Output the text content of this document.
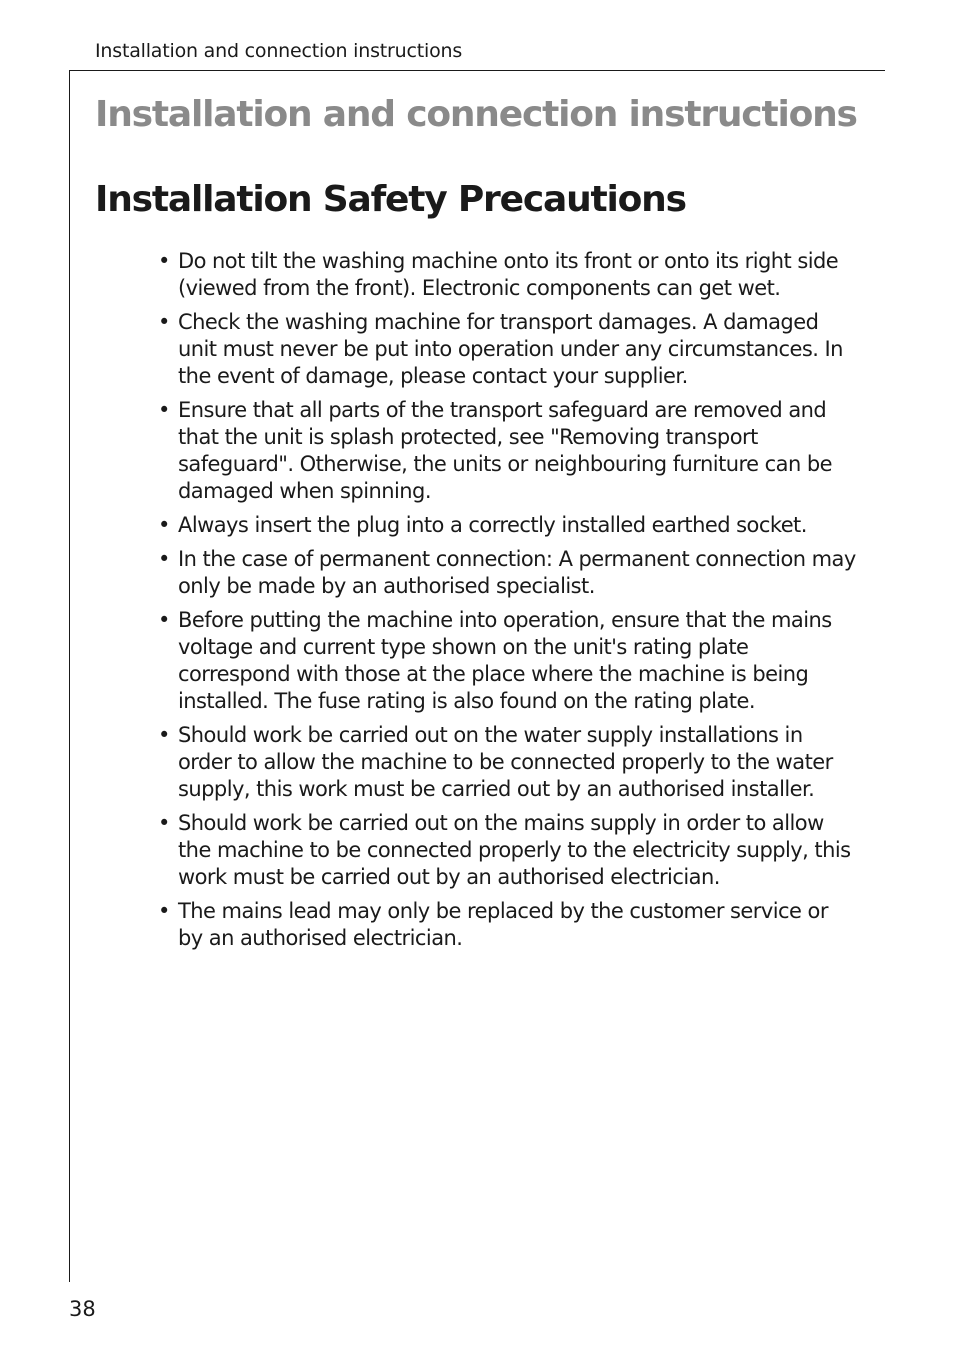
Installation and connection instructions
Installation and connection instructions
Installation Safety Precautions
• Do not tilt the washing machine onto its front or onto its right side (viewed from the front). Electronic components can get wet.
• Check the washing machine for transport damages. A damaged unit must never be put into operation under any circumstances. In the event of damage, please contact your supplier.
• Ensure that all parts of the transport safeguard are removed and that the unit is splash protected, see "Removing transport safeguard". Otherwise, the units or neighbouring furniture can be damaged when spinning.
• Always insert the plug into a correctly installed earthed socket.
• In the case of permanent connection: A permanent connection may only be made by an authorised specialist.
• Before putting the machine into operation, ensure that the mains voltage and current type shown on the unit's rating plate correspond with those at the place where the machine is being installed. The fuse rating is also found on the rating plate.
• Should work be carried out on the water supply installations in order to allow the machine to be connected properly to the water supply, this work must be carried out by an authorised installer.
• Should work be carried out on the mains supply in order to allow the machine to be connected properly to the electricity supply, this work must be carried out by an authorised electrician.
• The mains lead may only be replaced by the customer service or by an authorised electrician.
38
